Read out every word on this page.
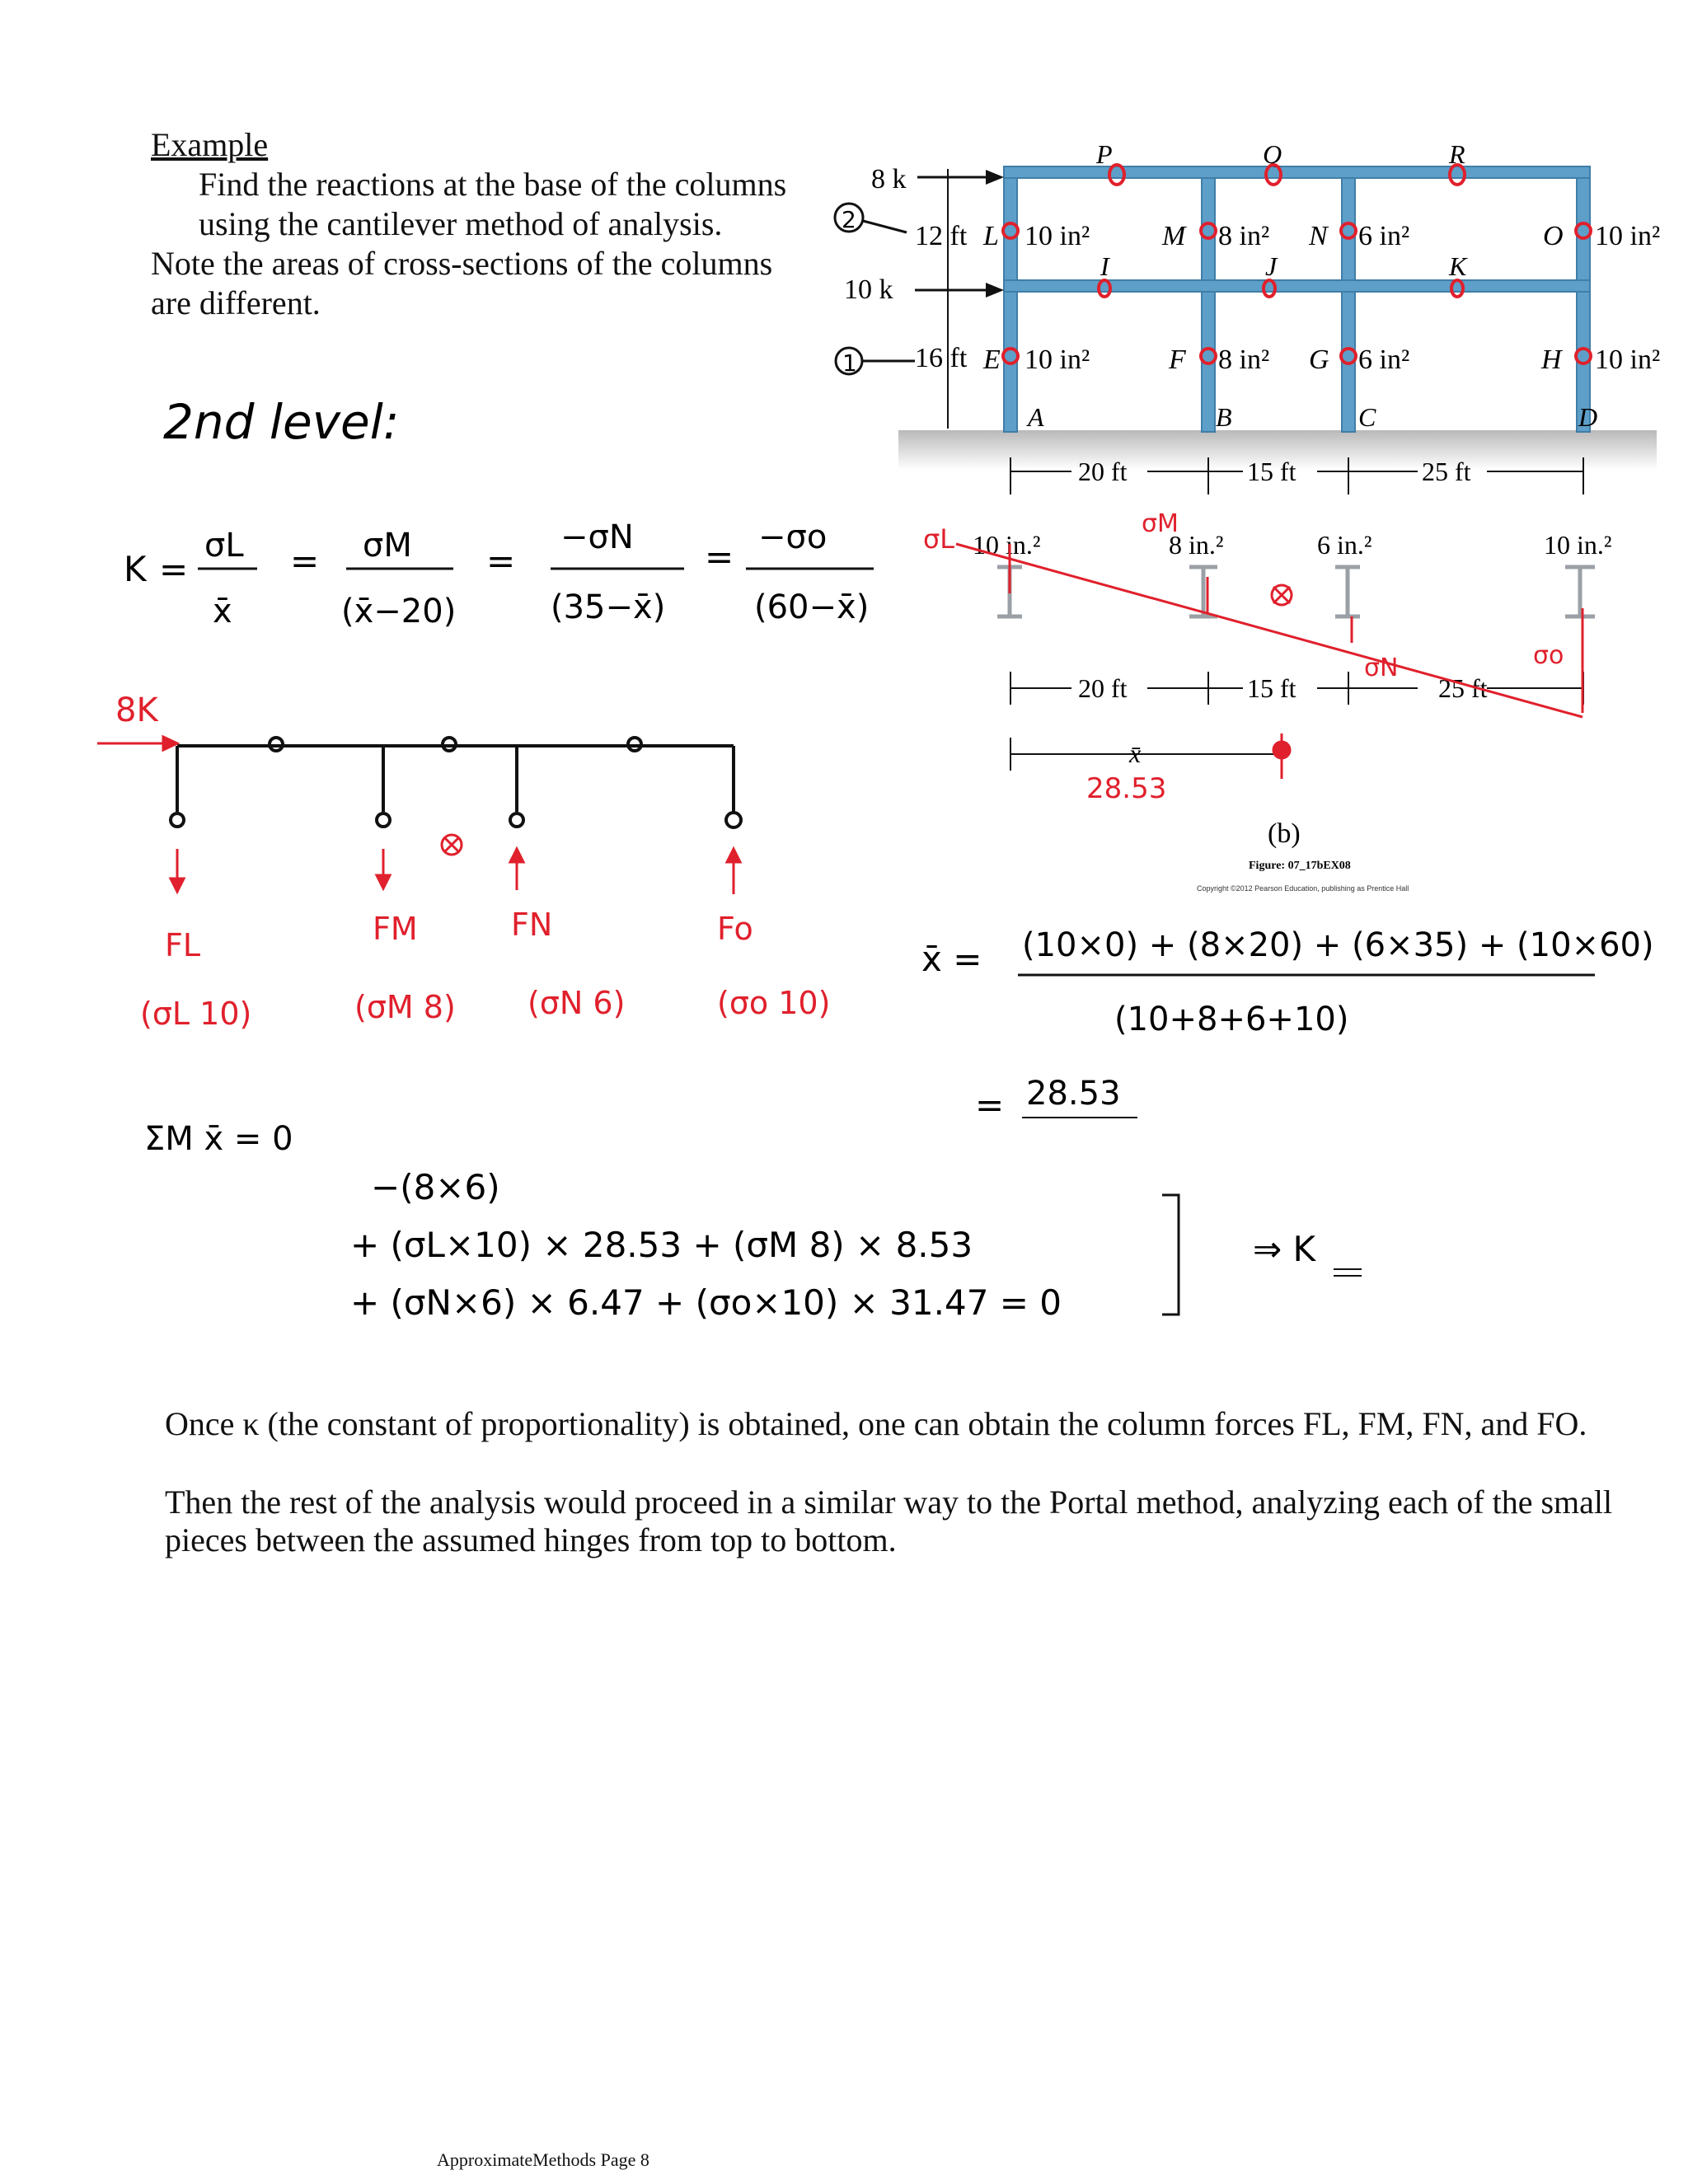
Example
Find the reactions at the base of the columns
using the cantilever method of analysis.
Note the areas of cross-sections of the columns
are different.
8 k
10 k
12 ft
16 ft
L 10 in²	M 8 in² N 6 in²	O 10 in²
E 10 in²	F 8 in² G 6 in²	H 10 in²
P	Q	R
I	J	K
A	B	C	D
20 ft	15 ft	25 ft
10 in.²	8 in.²	6 in.²	10 in.²
20 ft	15 ft	25 ft
x̄
(b)
Figure: 07_17bEX08
Copyright ©2012 Pearson Education, publishing as Prentice Hall
σL	σM
σN	σo
28.53
2
1
2nd level:
K =
σL
x̄
= σM
(x̄−20)
=
−σN
(35−x̄)
= −σo
(60−x̄)
8K
FL	FM	FN	Fo
(σL 10)	(σM 8) (σN 6)	(σo 10)
x̄ = (10×0) + (8×20) + (6×35) + (10×60)
(10+8+6+10)
= 28.53
ΣM x̄ = 0
−(8×6)
+ (σL×10) × 28.53 + (σM 8) × 8.53
+ (σN×6) × 6.47 + (σo×10) × 31.47 = 0
⇒ K
Once κ (the constant of proportionality) is obtained, one can obtain the column forces FL, FM, FN, and FO.
Then the rest of the analysis would proceed in a similar way to the Portal method, analyzing each of the small pieces between the assumed hinges from top to bottom.
ApproximateMethods Page 8
